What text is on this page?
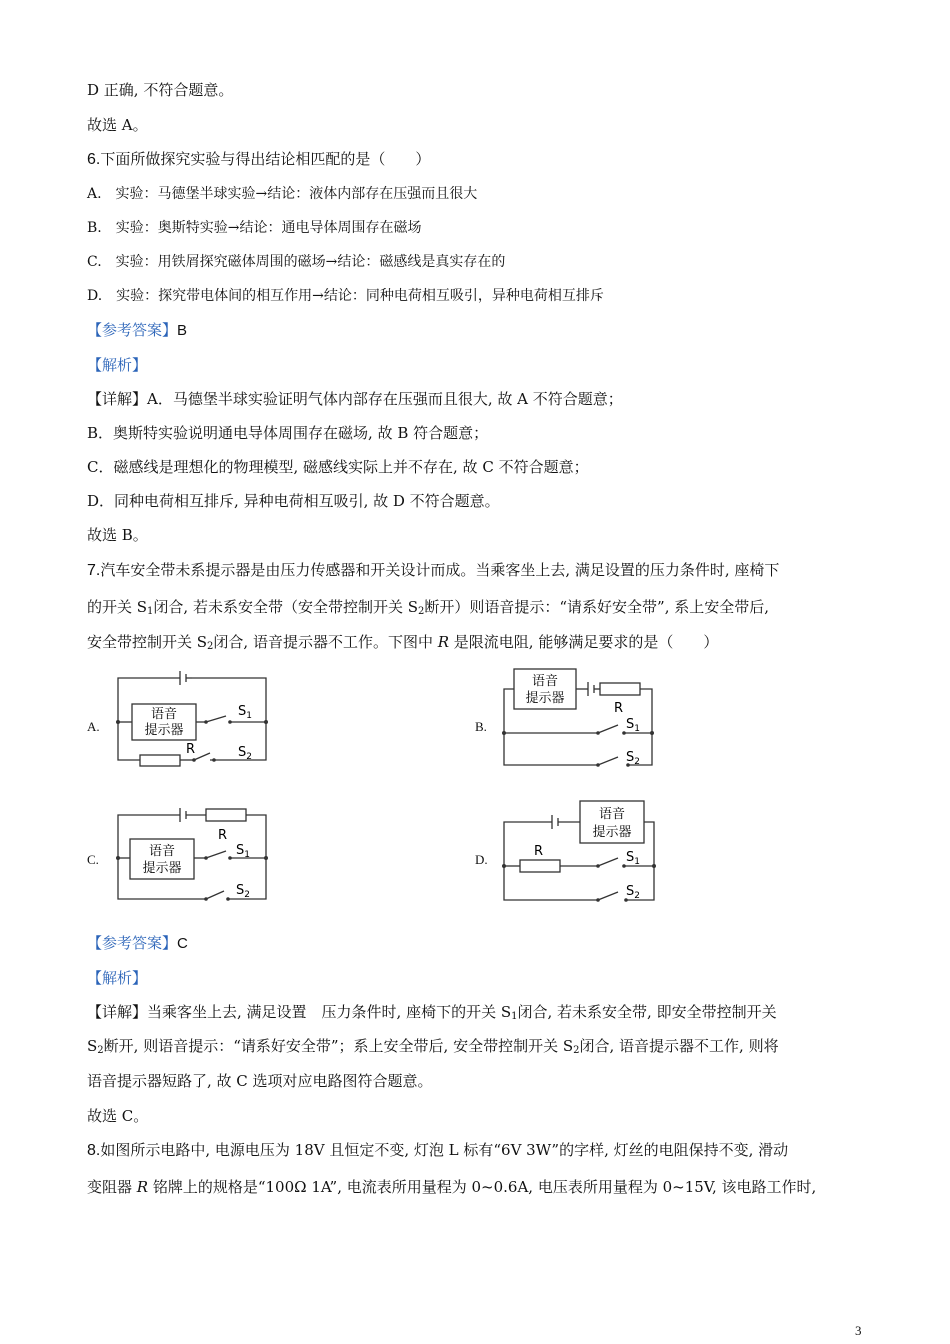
D 正确, 不符合题意。
故选 A。
6.下面所做探究实验与得出结论相匹配的是（　　）
A.　实验：马德堡半球实验→结论：液体内部存在压强而且很大
B.　实验：奥斯特实验→结论：通电导体周围存在磁场
C.　实验：用铁屑探究磁体周围的磁场→结论：磁感线是真实存在的
D.　实验：探究带电体间的相互作用→结论：同种电荷相互吸引，异种电荷相互排斥
【参考答案】B
【解析】
【详解】A．马德堡半球实验证明气体内部存在压强而且很大, 故 A 不符合题意；
B．奥斯特实验说明通电导体周围存在磁场, 故 B 符合题意；
C．磁感线是理想化的物理模型, 磁感线实际上并不存在, 故 C 不符合题意；
D．同种电荷相互排斥, 异种电荷相互吸引, 故 D 不符合题意。
故选 B。
7.汽车安全带未系提示器是由压力传感器和开关设计而成。当乘客坐上去, 满足设置的压力条件时, 座椅下
的开关 $S_1$闭合, 若未系安全带（安全带控制开关 $S_2$断开）则语音提示：“请系好安全带”, 系上安全带后,
安全带控制开关 $S_2$闭合, 语音提示器不工作。下图中 R 是限流电阻, 能够满足要求的是（　　）
A.	B.
C.	D.
语音
提示器
$S_1$
R	$S_2$
语音
提示器
R
$S_1$
$S_2$
语音
提示器
R
$S_1$
$S_2$
语音
提示器
R	$S_1$
$S_2$
【参考答案】C
【解析】
【详解】当乘客坐上去, 满足设置　压力条件时, 座椅下的开关 $S_1$闭合, 若未系安全带, 即安全带控制开关
$S_2$断开, 则语音提示：“请系好安全带”；系上安全带后, 安全带控制开关 $S_2$闭合, 语音提示器不工作, 则将
语音提示器短路了, 故 C 选项对应电路图符合题意。
故选 C。
8.如图所示电路中, 电源电压为 18V 且恒定不变, 灯泡 L 标有“6V 3W”的字样, 灯丝的电阻保持不变, 滑动
变阻器 R 铭牌上的规格是“100Ω 1A”, 电流表所用量程为 0~0.6A, 电压表所用量程为 0~15V, 该电路工作时,
3
